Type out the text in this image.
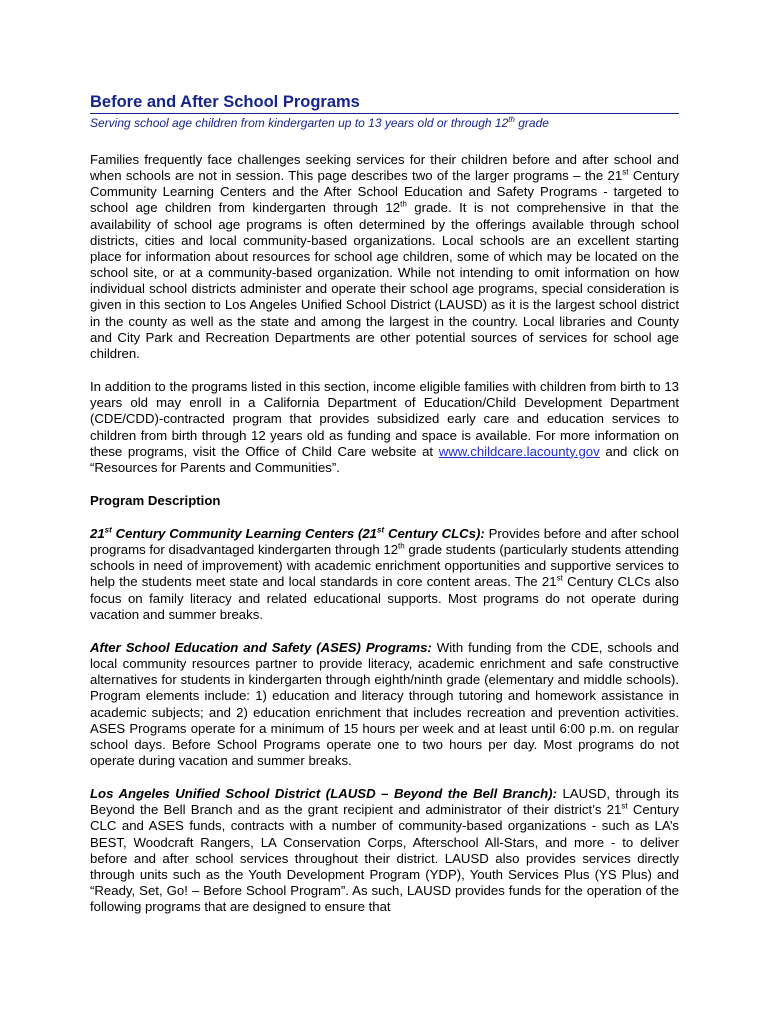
Before and After School Programs
Serving school age children from kindergarten up to 13 years old or through 12th grade

Families frequently face challenges seeking services for their children before and after school and when schools are not in session. This page describes two of the larger programs – the 21st Century Community Learning Centers and the After School Education and Safety Programs - targeted to school age children from kindergarten through 12th grade. It is not comprehensive in that the availability of school age programs is often determined by the offerings available through school districts, cities and local community-based organizations. Local schools are an excellent starting place for information about resources for school age children, some of which may be located on the school site, or at a community-based organization. While not intending to omit information on how individual school districts administer and operate their school age programs, special consideration is given in this section to Los Angeles Unified School District (LAUSD) as it is the largest school district in the county as well as the state and among the largest in the country. Local libraries and County and City Park and Recreation Departments are other potential sources of services for school age children.

In addition to the programs listed in this section, income eligible families with children from birth to 13 years old may enroll in a California Department of Education/Child Development Department (CDE/CDD)-contracted program that provides subsidized early care and education services to children from birth through 12 years old as funding and space is available. For more information on these programs, visit the Office of Child Care website at www.childcare.lacounty.gov and click on “Resources for Parents and Communities”.

Program Description

21st Century Community Learning Centers (21st Century CLCs): Provides before and after school programs for disadvantaged kindergarten through 12th grade students (particularly students attending schools in need of improvement) with academic enrichment opportunities and supportive services to help the students meet state and local standards in core content areas. The 21st Century CLCs also focus on family literacy and related educational supports. Most programs do not operate during vacation and summer breaks.

After School Education and Safety (ASES) Programs: With funding from the CDE, schools and local community resources partner to provide literacy, academic enrichment and safe constructive alternatives for students in kindergarten through eighth/ninth grade (elementary and middle schools). Program elements include: 1) education and literacy through tutoring and homework assistance in academic subjects; and 2) education enrichment that includes recreation and prevention activities. ASES Programs operate for a minimum of 15 hours per week and at least until 6:00 p.m. on regular school days. Before School Programs operate one to two hours per day. Most programs do not operate during vacation and summer breaks.

Los Angeles Unified School District (LAUSD – Beyond the Bell Branch): LAUSD, through its Beyond the Bell Branch and as the grant recipient and administrator of their district’s 21st Century CLC and ASES funds, contracts with a number of community-based organizations - such as LA’s BEST, Woodcraft Rangers, LA Conservation Corps, Afterschool All-Stars, and more - to deliver before and after school services throughout their district. LAUSD also provides services directly through units such as the Youth Development Program (YDP), Youth Services Plus (YS Plus) and “Ready, Set, Go! – Before School Program”. As such, LAUSD provides funds for the operation of the following programs that are designed to ensure that
